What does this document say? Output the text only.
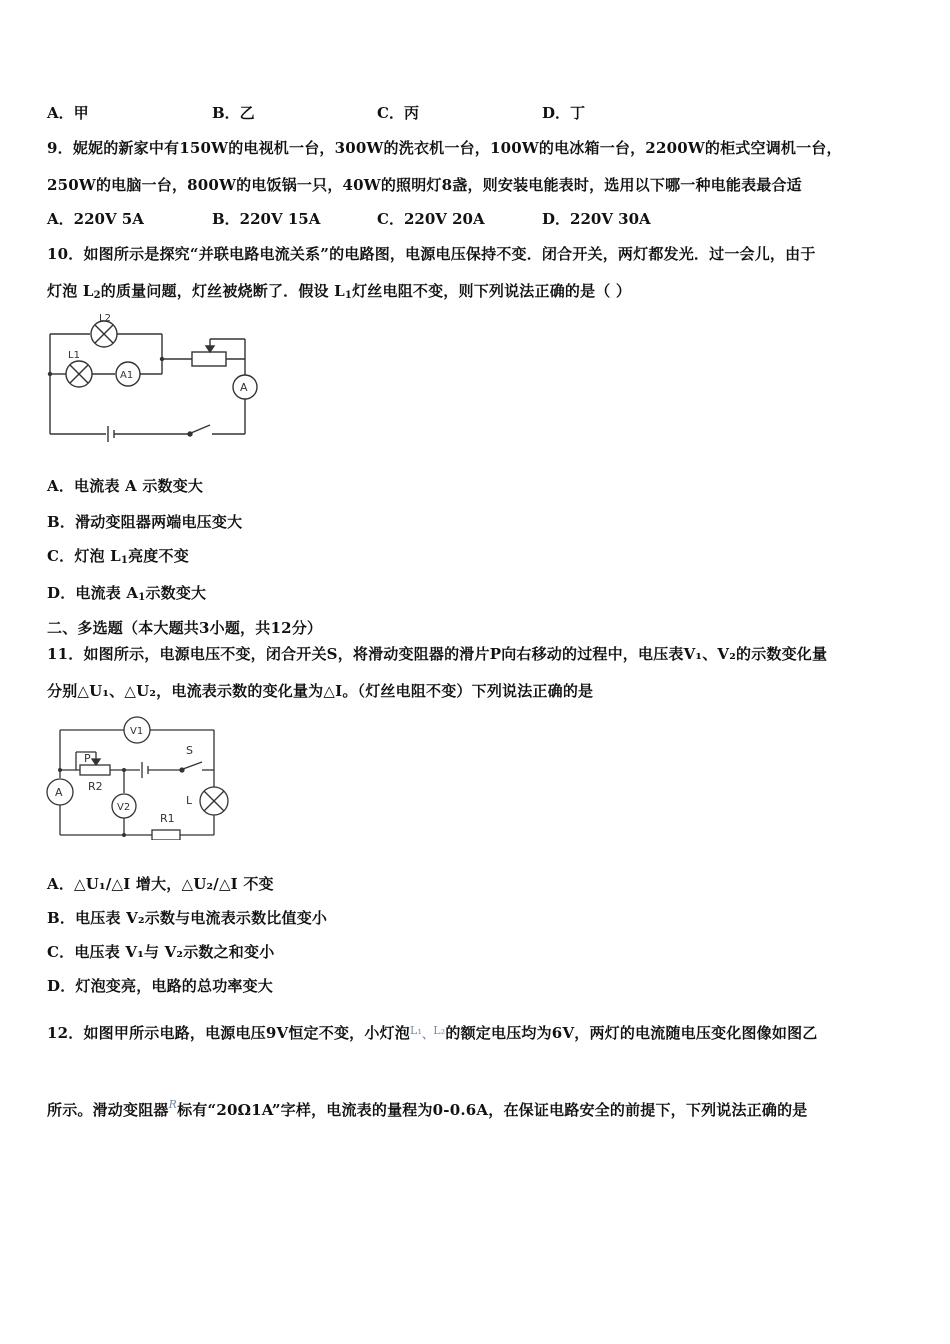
A．甲	B．乙	C．丙	D．丁
9．妮妮的新家中有150W的电视机一台，300W的洗衣机一台，100W的电冰箱一台，2200W的柜式空调机一台，
250W的电脑一台，800W的电饭锅一只，40W的照明灯8盏，则安装电能表时，选用以下哪一种电能表最合适
A．220V 5A	B．220V 15A	C．220V 20A	D．220V 30A
10．如图所示是探究“并联电路电流关系”的电路图，电源电压保持不变．闭合开关，两灯都发光．过一会儿，由于
灯泡 $L_2$的质量问题，灯丝被烧断了．假设 $L_1$灯丝电阻不变，则下列说法正确的是（ ）
L2
L1
A1
A
A．电流表 A 示数变大
B．滑动变阻器两端电压变大
C．灯泡 $L_1$亮度不变
D．电流表 $A_1$示数变大
二、多选题（本大题共3小题，共12分）
11．如图所示，电源电压不变，闭合开关S，将滑动变阻器的滑片P向右移动的过程中，电压表V₁、V₂的示数变化量
分别△U₁、△U₂，电流表示数的变化量为△I。（灯丝电阻不变）下列说法正确的是
V1
P
R2
S
A
V2
L
R1
A．△U₁/△I 增大，△U₂/△I 不变
B．电压表 V₂示数与电流表示数比值变小
C．电压表 V₁与 V₂示数之和变小
D．灯泡变亮，电路的总功率变大
12．如图甲所示电路，电源电压9V恒定不变，小灯泡$^{L_1}$、$^{L_2}$的额定电压均为6V，两灯的电流随电压变化图像如图乙
所示。滑动变阻器$^R$标有“20Ω1A”字样，电流表的量程为0-0.6A，在保证电路安全的前提下，下列说法正确的是
